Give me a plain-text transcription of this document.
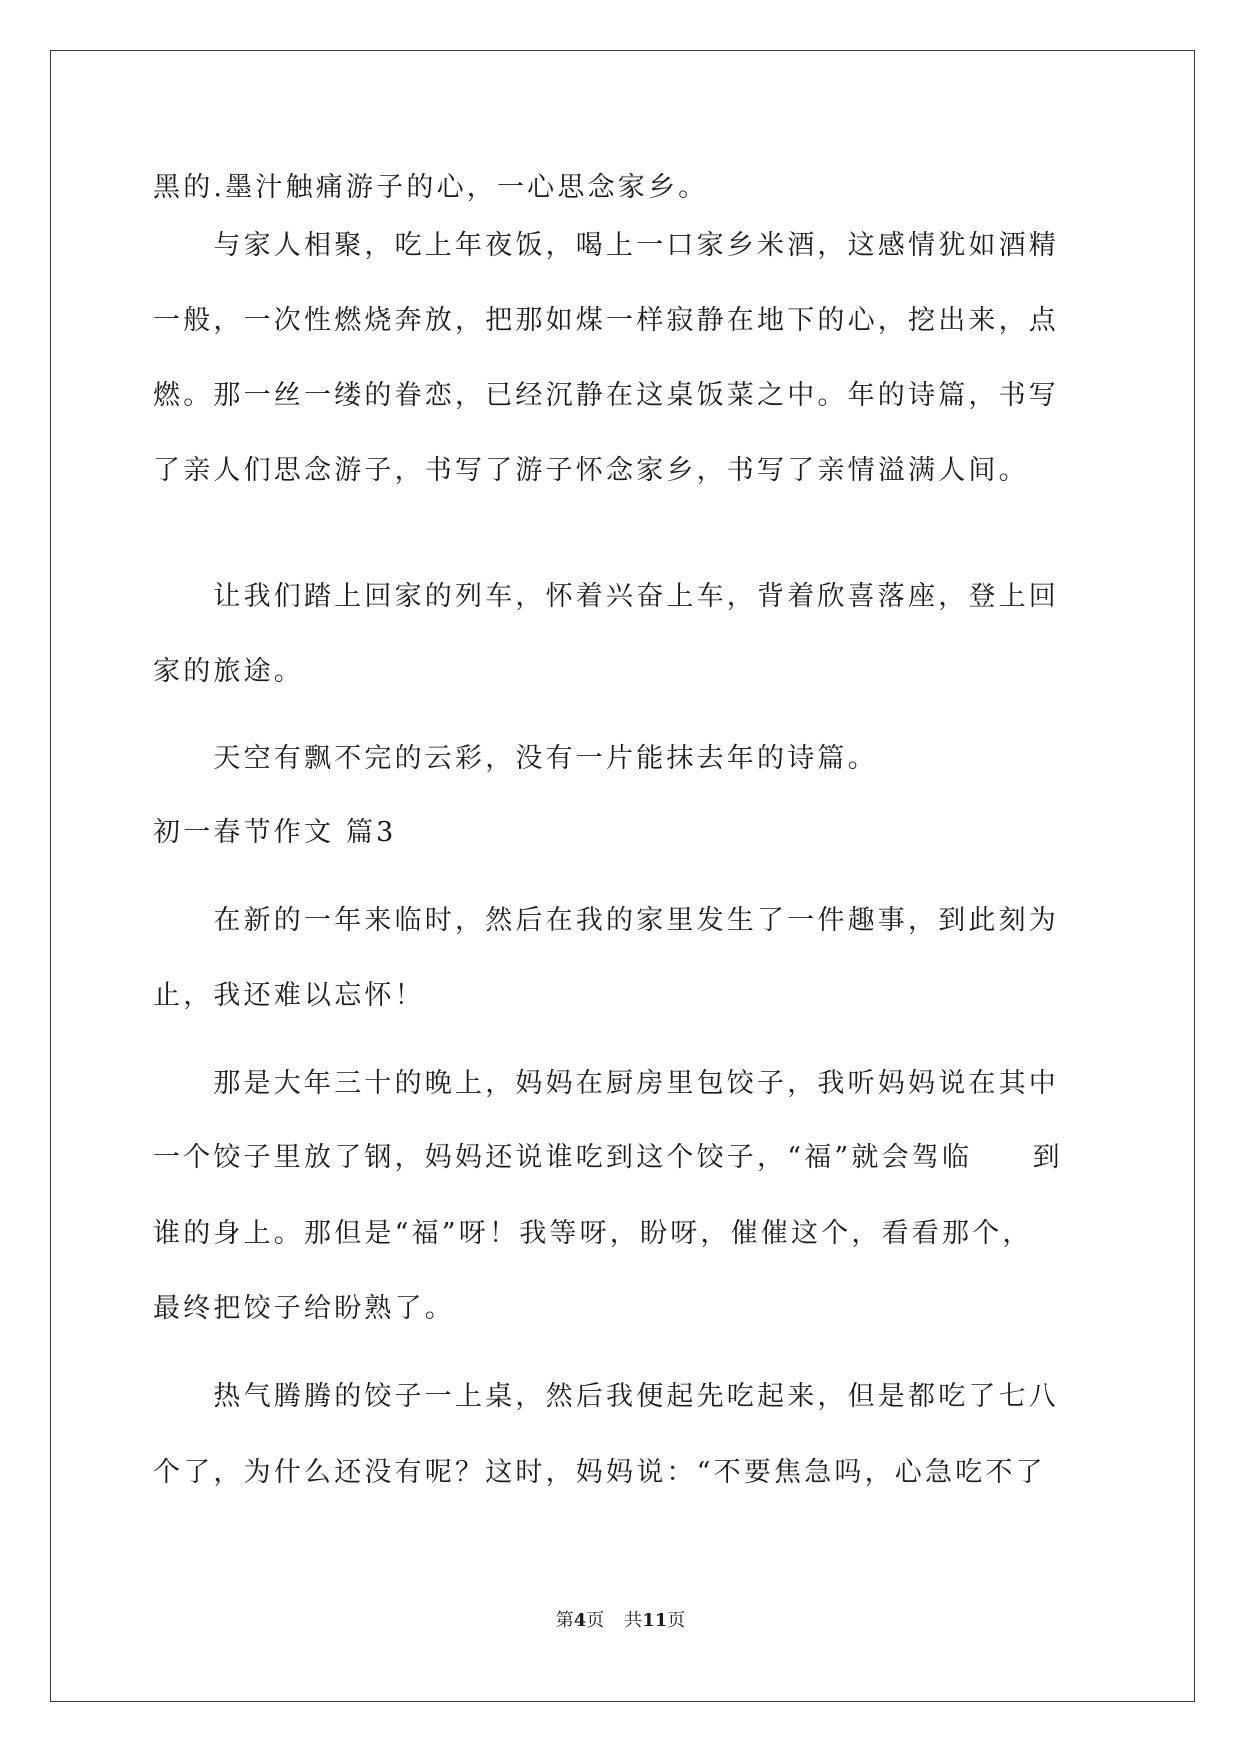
黑的.墨汁触痛游子的心，一心思念家乡。
　　与家人相聚，吃上年夜饭，喝上一口家乡米酒，这感情犹如酒精
一般，一次性燃烧奔放，把那如煤一样寂静在地下的心，挖出来，点
燃。那一丝一缕的眷恋，已经沉静在这桌饭菜之中。年的诗篇，书写
了亲人们思念游子，书写了游子怀念家乡，书写了亲情溢满人间。
　　让我们踏上回家的列车，怀着兴奋上车，背着欣喜落座，登上回
家的旅途。
　　天空有飘不完的云彩，没有一片能抹去年的诗篇。
初一春节作文 篇3
　　在新的一年来临时，然后在我的家里发生了一件趣事，到此刻为
止，我还难以忘怀！
　　那是大年三十的晚上，妈妈在厨房里包饺子，我听妈妈说在其中
一个饺子里放了钢，妈妈还说谁吃到这个饺子，“福”就会驾临　　到
谁的身上。那但是“福”呀！我等呀，盼呀，催催这个，看看那个，
最终把饺子给盼熟了。
　　热气腾腾的饺子一上桌，然后我便起先吃起来，但是都吃了七八
个了，为什么还没有呢？这时，妈妈说：“不要焦急吗，心急吃不了
第4页 共11页
